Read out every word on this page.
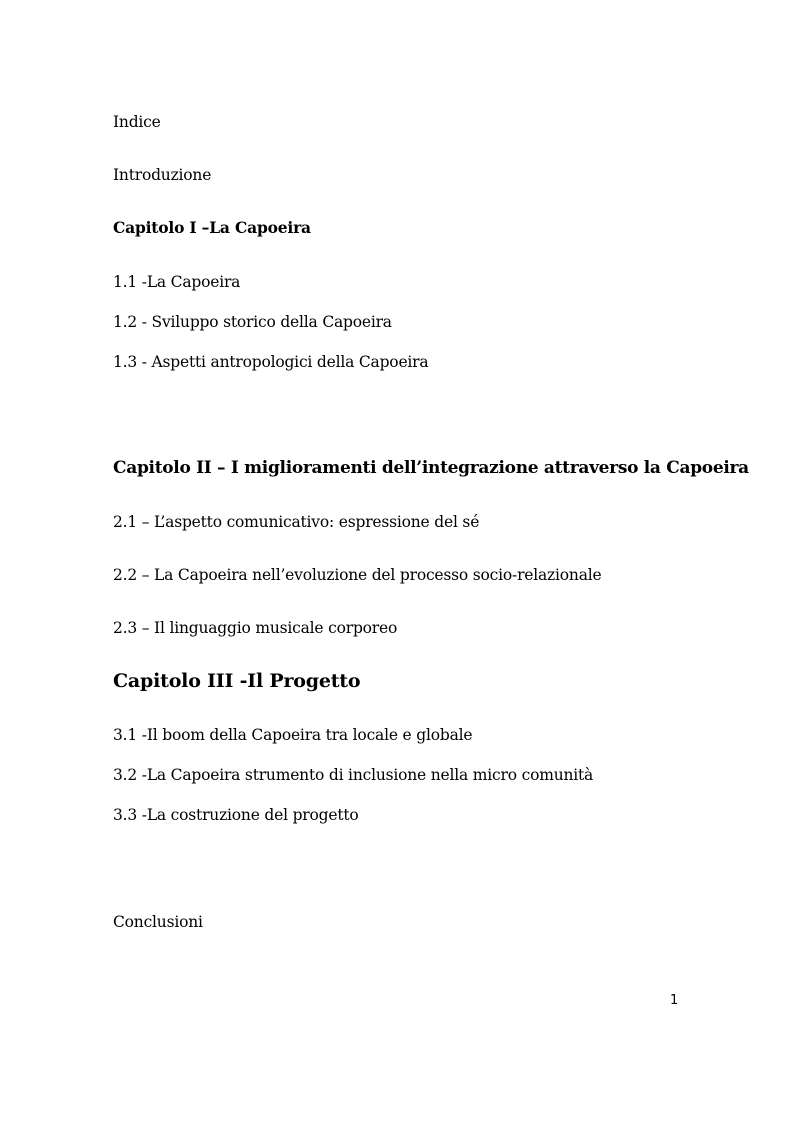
Indice
Introduzione
Capitolo I –La Capoeira
1.1 -La Capoeira
1.2 - Sviluppo storico della Capoeira
1.3 - Aspetti antropologici della Capoeira
Capitolo II – I miglioramenti dell’integrazione attraverso la Capoeira
2.1 – L’aspetto comunicativo: espressione del sé
2.2 – La Capoeira nell’evoluzione del processo socio-relazionale
2.3 – Il linguaggio musicale corporeo
Capitolo III -Il Progetto
3.1 -Il boom della Capoeira tra locale e globale
3.2 -La Capoeira strumento di inclusione nella micro comunità
3.3 -La costruzione del progetto
Conclusioni
1
